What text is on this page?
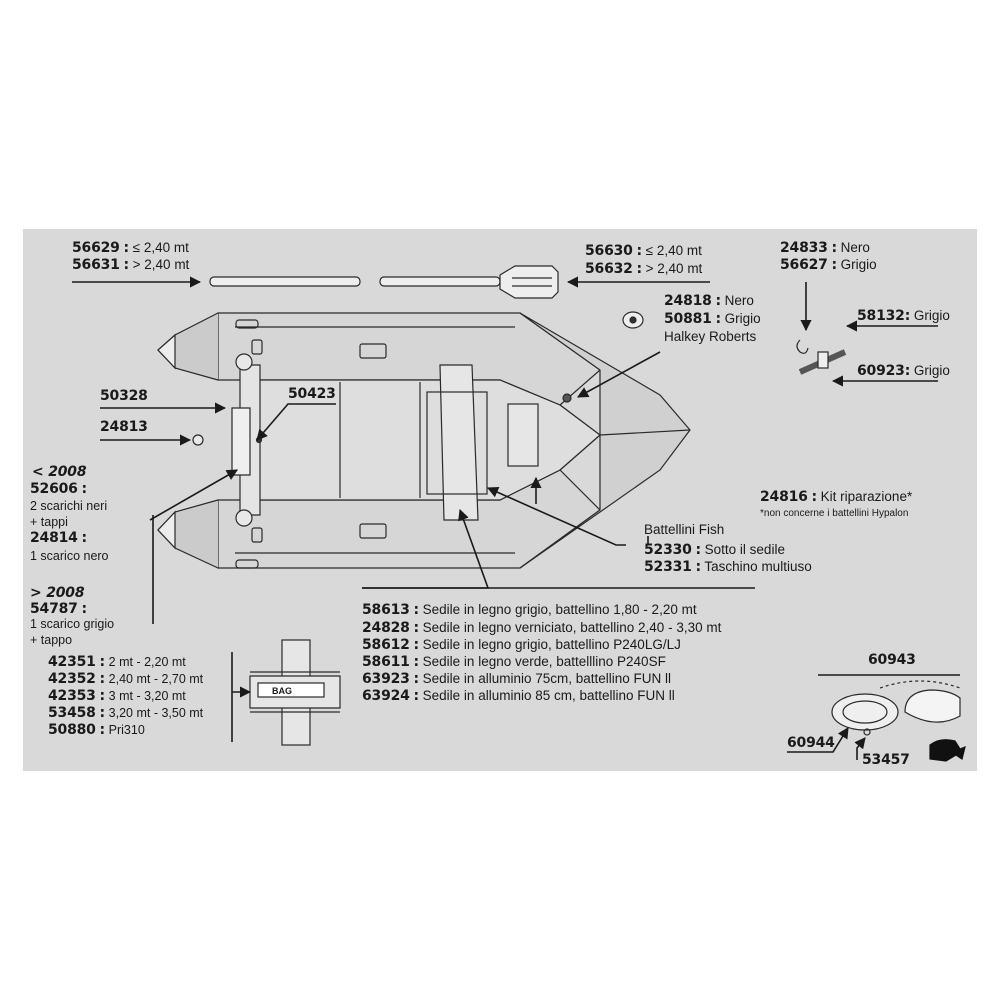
56629 : ≤ 2,40 mt
56631 : > 2,40 mt
56630 : ≤ 2,40 mt
56632 : > 2,40 mt
24818 : Nero
50881 : Grigio
Halkey Roberts
24833 : Nero
56627 : Grigio
58132: Grigio
60923: Grigio
50328
24813
50423
< 2008
52606 :
2 scarichi neri
+ tappi
24814 :
1 scarico nero
> 2008
54787 :
1 scarico grigio
+ tappo
24816 : Kit riparazione*
*non concerne i battellini Hypalon
Battellini Fish
52330 : Sotto il sedile
52331 : Taschino multiuso
58613 : Sedile in legno grigio, battellino 1,80 - 2,20 mt
24828 : Sedile in legno verniciato, battellino 2,40 - 3,30 mt
58612 : Sedile in legno grigio, battellino P240LG/LJ
58611 : Sedile in legno verde, battelllino P240SF
63923 : Sedile in alluminio 75cm, battellino FUN ll
63924 : Sedile in alluminio 85 cm, battellino FUN ll
42351 : 2 mt - 2,20 mt
42352 : 2,40 mt - 2,70 mt
42353 : 3 mt - 3,20 mt
53458 : 3,20 mt - 3,50 mt
50880 : Pri310
BAG
60943
60944
53457
